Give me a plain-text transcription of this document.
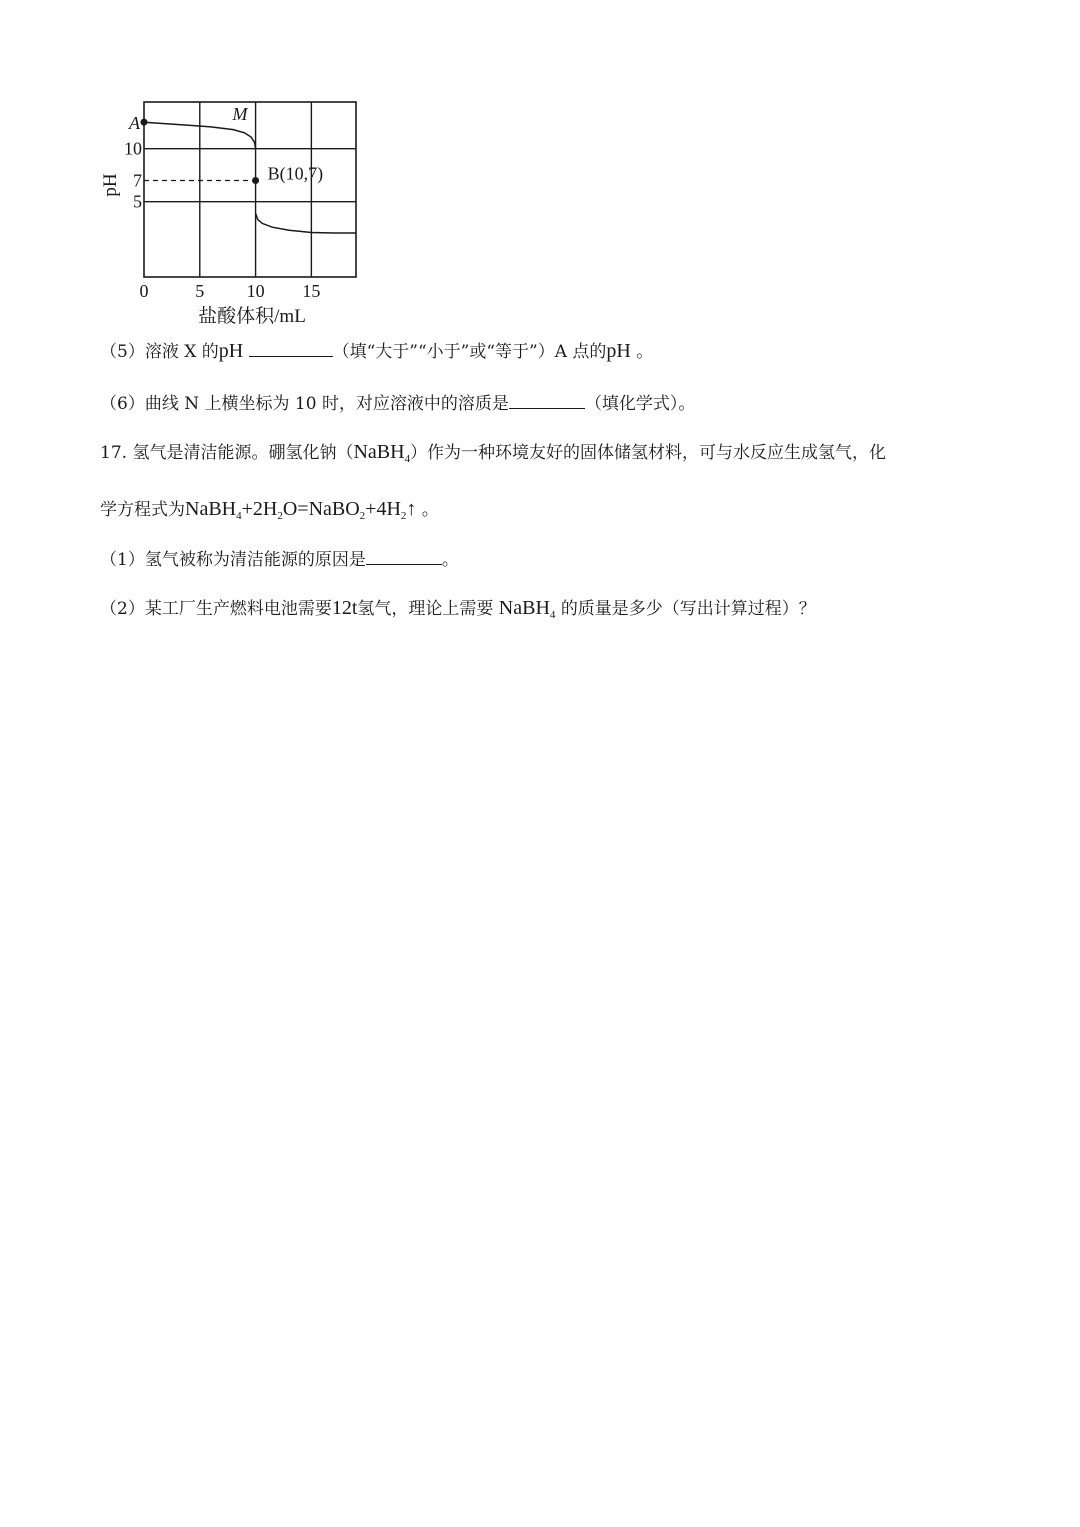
A	M
B(10,7)
0	5 10 15
10
7
5
盐酸体积/mL
pH
（5）溶液 X 的pH	（填“大于”“小于”或“等于”）A 点的pH 。
（6）曲线 N 上横坐标为 10 时，对应溶液中的溶质是	（填化学式）。
17. 氢气是清洁能源。硼氢化钠（NaBH$_4$）作为一种环境友好的固体储氢材料，可与水反应生成氢气，化
学方程式为$NaBH_4+2H_2O=NaBO_2+4H_2↑$ 。
（1）氢气被称为清洁能源的原因是	。
（2）某工厂生产燃料电池需要12t氢气，理论上需要 NaBH$_4$ 的质量是多少（写出计算过程）？
